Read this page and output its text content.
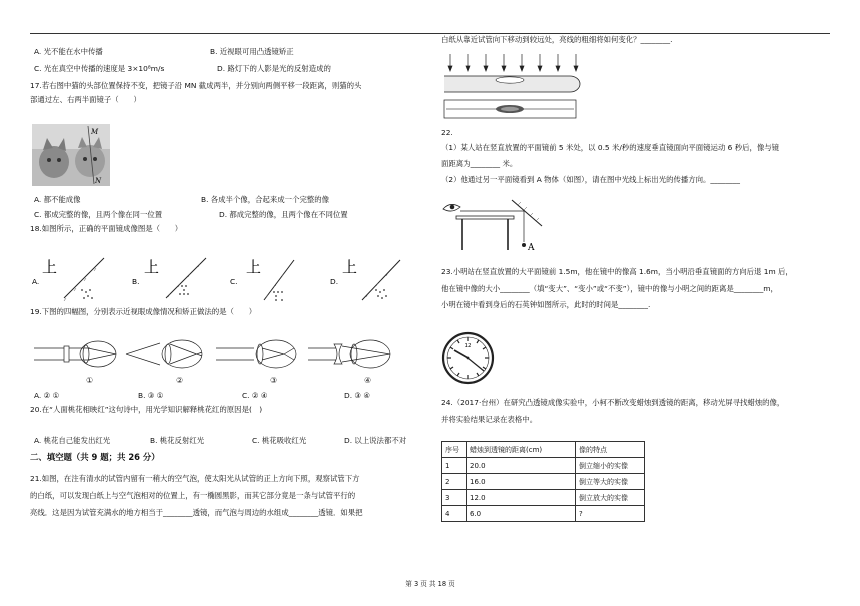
A. 光不能在水中传播	B. 近视眼可用凸透镜矫正
C. 光在真空中传播的速度是 3×10⁸m/s	D. 路灯下的人影是光的反射造成的
17.若右图中猫的头部位置保持不变，把镜子沿 MN 截成两半，并分别向两侧平移一段距离，则猫的头
部通过左、右两半面镜子（　　）
M
N
A. 都不能成像	B. 各成半个像，合起来成一个完整的像
C. 都成完整的像，且两个像在同一位置	D. 都成完整的像，且两个像在不同位置
18.如图所示，正确的平面镜成像图是（　　）
A.
上
B.
上
C.
上
D.
上
19.下图的四幅图，分别表示近视眼成像情况和矫正做法的是（　　）
①	②	③	④
A. ② ①	B. ③ ①	C. ② ④	D. ③ ④
20.在“人面桃花相映红”这句诗中，用光学知识解释桃花红的原因是(　)
A. 桃花自己能发出红光	B. 桃花反射红光	C. 桃花吸收红光	D. 以上说法都不对
二、填空题（共 9 题；共 26 分）
21.如图，在注有清水的试管内留有一稍大的空气泡，使太阳光从试管的正上方向下照，观察试管下方
的白纸，可以发现白纸上与空气泡相对的位置上，有一椭圆黑影，而其它部分竟是一条与试管平行的
亮线．这是因为试管充满水的地方相当于________透镜，而气泡与周边的水组成________透镜．如果把
白纸从靠近试管向下移动到较远处，亮线的粗细将如何变化？________.
22.
（1）某人站在竖直放置的平面镜前 5 米处，以 0.5 米/秒的速度垂直镜面向平面镜运动 6 秒后，像与镜
面距离为________ 米。
（2）他通过另一平面镜看到 A 物体（如图），请在图中光线上标出光的传播方向。________
A
23.小明站在竖直放置的大平面镜前 1.5m，他在镜中的像高 1.6m，当小明沿垂直镜面的方向后退 1m 后，
他在镜中像的大小________（填“变大”、“变小”或“不变”），镜中的像与小明之间的距离是________m，
小明在镜中看到身后的石英钟如图所示，此时的时间是________.
12
24.（2017·台州）在研究凸透镜成像实验中，小柯不断改变蜡烛到透镜的距离，移动光屏寻找蜡烛的像，
并将实验结果记录在表格中。
序号	蜡烛到透镜的距离(cm)	像的特点
1	20.0	倒立缩小的实像
2	16.0	倒立等大的实像
3	12.0	倒立放大的实像
4	6.0	?
第 3 页 共 18 页
